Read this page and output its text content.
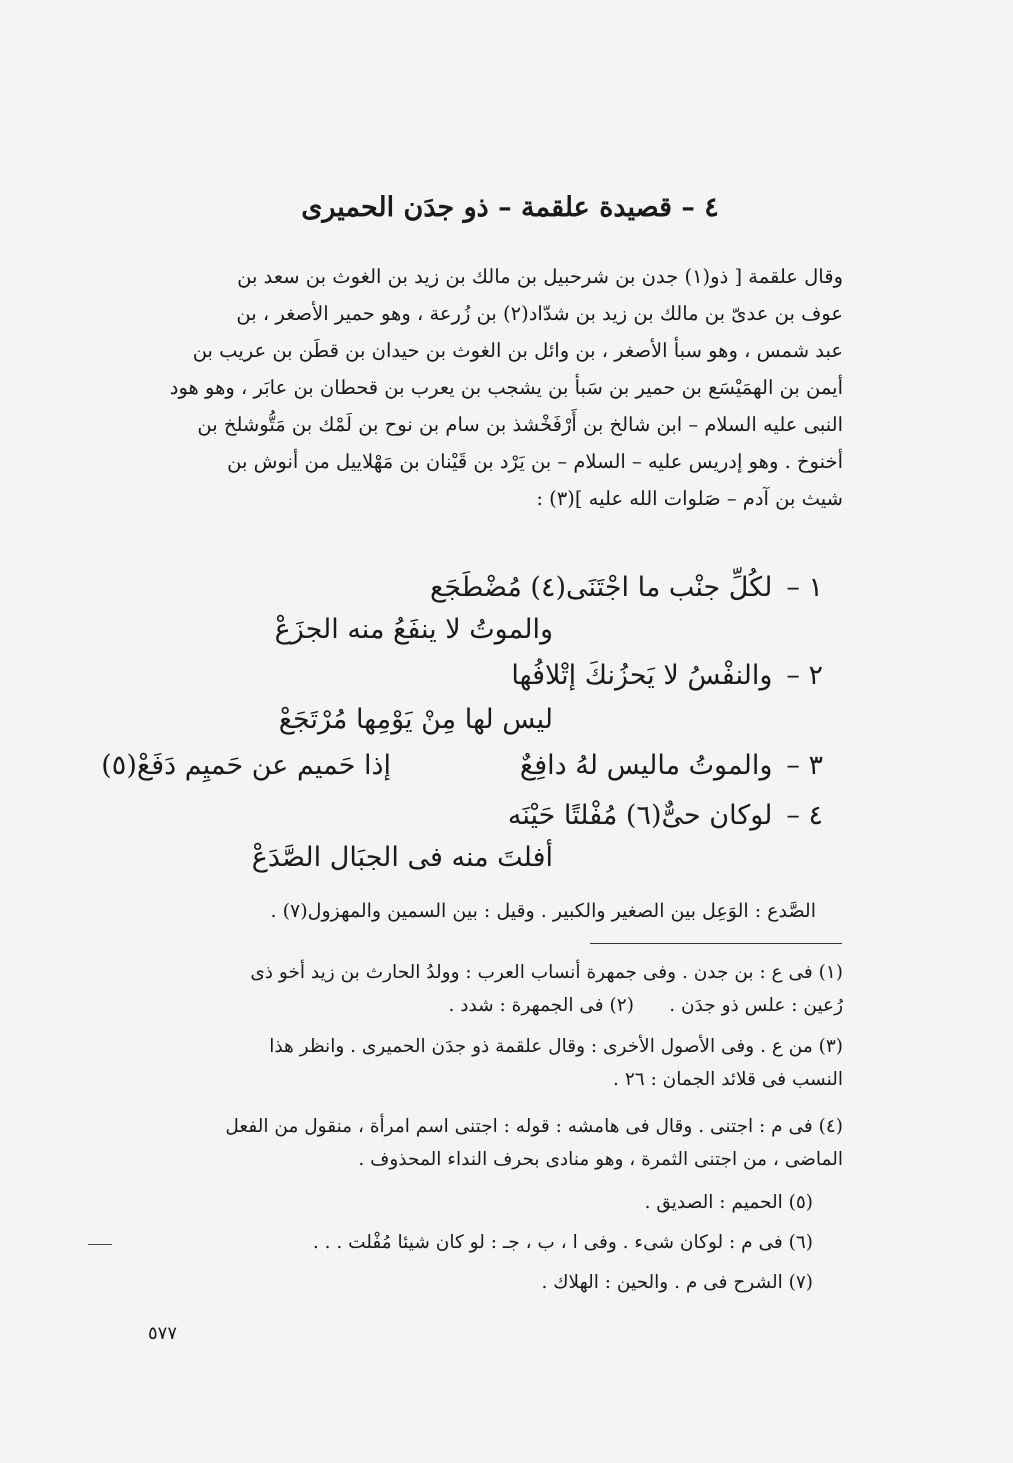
٤ – قصيدة علقمة – ذو جدَن الحميرى

وقال علقمة [ ذو(١) جدن بن شرحبيل بن مالك بن زيد بن الغوث بن سعد بن

عوف بن عدىّ بن مالك بن زيد بن شدّاد(٢) بن زُرعة ، وهو حمير الأصغر ، بن

عبد شمس ، وهو سبأ الأصغر ، بن وائل بن الغوث بن حيدان بن قطَن بن عريب بن

أيمن بن الهمَيْسَع بن حمير بن سَبأ بن يشجب بن يعرب بن قحطان بن عابَر ، وهو هود

النبى عليه السلام – ابن شالخ بن أَرْفَخْشذ بن سام بن نوح بن لَمْك بن مَتُّوشلخ بن

أخنوخ . وهو إدريس عليه – السلام – بن يَرْد بن قَيْنان بن مَهْلاييل من أنوش بن

شيث بن آدم – صَلوات الله عليه ](٣) :

١ –لكُلِّ جنْب ما اجْتَنَى(٤) مُضْطَجَع
والموتُ لا ينفَعُ منه الجزَعْ
٢ –والنفْسُ لا يَحزُنكَ إتْلافُها
ليس لها مِنْ يَوْمِها مُرْتَجَعْ
٣ –والموتُ ماليس لهُ دافِعٌ
إذا حَميم عن حَميِم دَفَعْ(٥)
٤ –لوكان حىٌّ(٦) مُفْلتًا حَيْنَه
أفلتَ منه فى الجبَال الصَّدَعْ
الصَّدع : الوَعِل بين الصغير والكبير . وقيل : بين السمين والمهزول(٧) .

(١) فى ع : بن جدن . وفى جمهرة أنساب العرب : وولدُ الحارث بن زيد أخو ذى

رُعين : علس ذو جدَن .      (٢) فى الجمهرة : شدد .

(٣) من ع . وفى الأصول الأخرى : وقال علقمة ذو جدَن الحميرى . وانظر هذا

النسب فى قلائد الجمان : ٢٦ .

(٤) فى م : اجتنى . وقال فى هامشه : قوله : اجتنى اسم امرأة ، منقول من الفعل

الماضى ، من اجتنى الثمرة ، وهو منادى بحرف النداء المحذوف .

(٥) الحميم : الصديق .

(٦) فى م : لوكان شىء . وفى ا ، ب ، جـ : لو كان شيئا مُفْلت . . .

(٧) الشرح فى م . والحين : الهلاك .

٥٧٧
